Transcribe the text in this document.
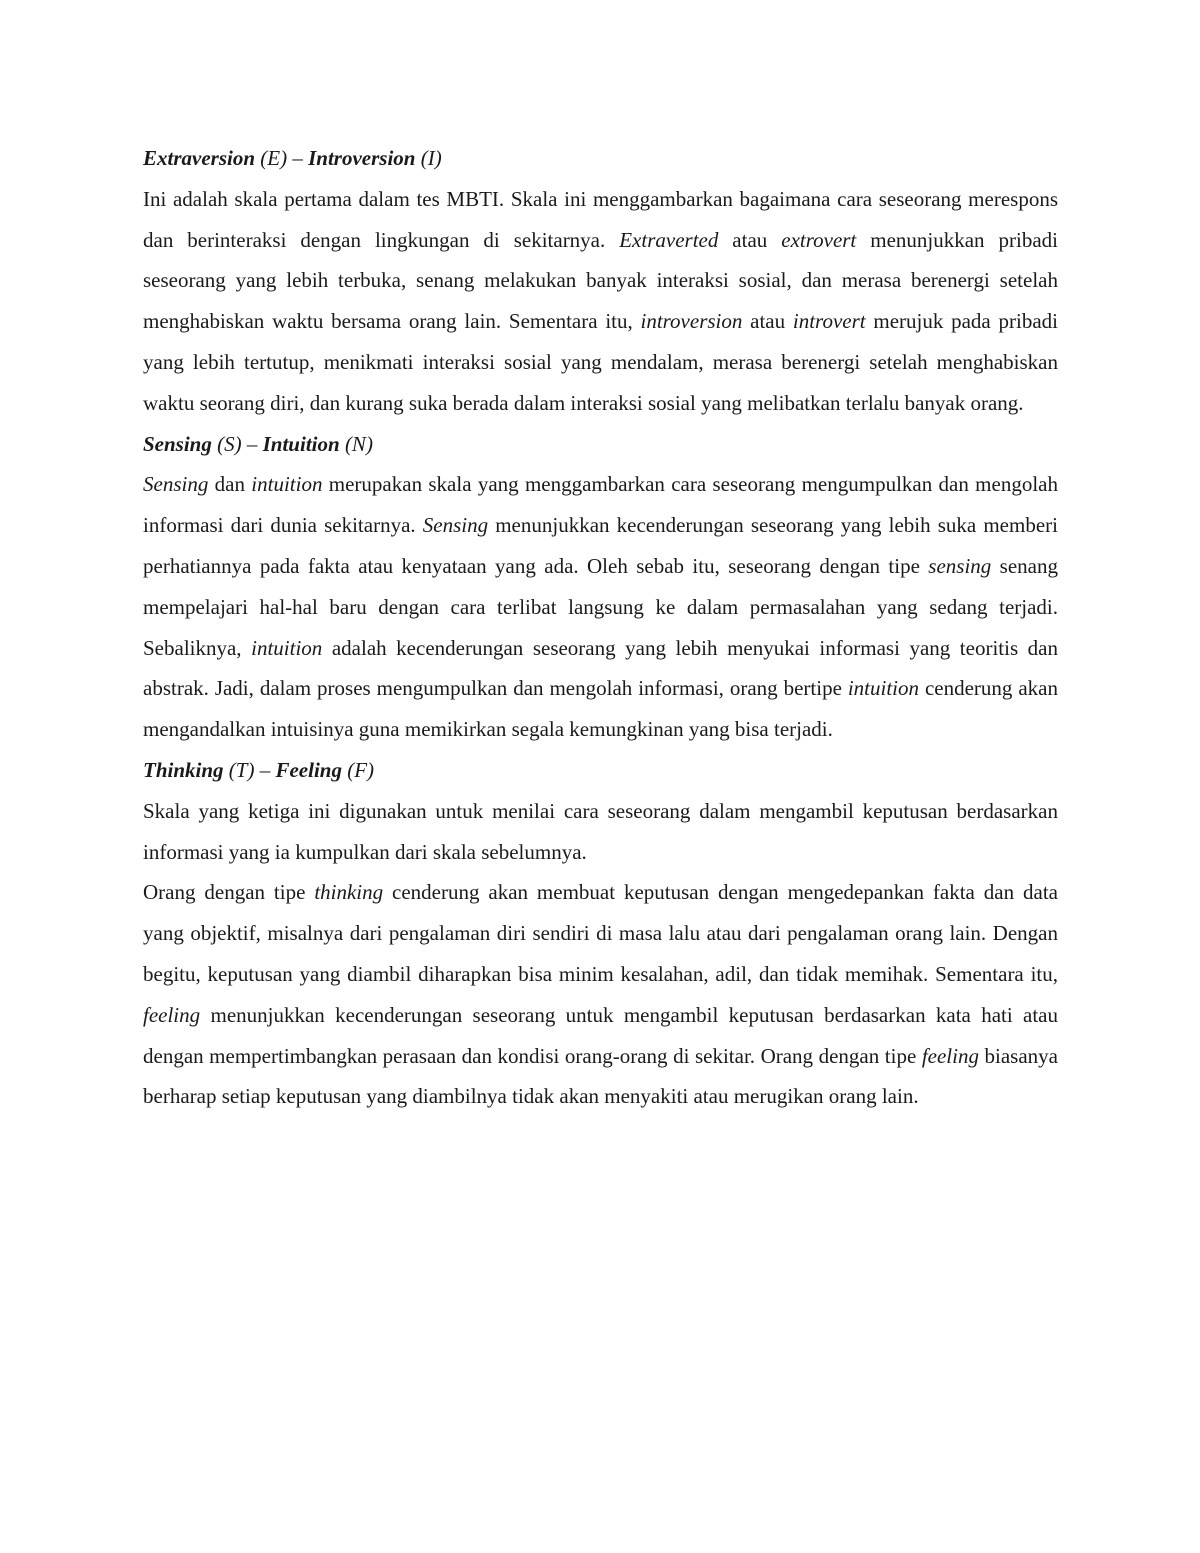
Extraversion (E) – Introversion (I)

Ini adalah skala pertama dalam tes MBTI. Skala ini menggambarkan bagaimana cara seseorang merespons dan berinteraksi dengan lingkungan di sekitarnya. Extraverted atau extrovert menunjukkan pribadi seseorang yang lebih terbuka, senang melakukan banyak interaksi sosial, dan merasa berenergi setelah menghabiskan waktu bersama orang lain. Sementara itu, introversion atau introvert merujuk pada pribadi yang lebih tertutup, menikmati interaksi sosial yang mendalam, merasa berenergi setelah menghabiskan waktu seorang diri, dan kurang suka berada dalam interaksi sosial yang melibatkan terlalu banyak orang.

Sensing (S) – Intuition (N)

Sensing dan intuition merupakan skala yang menggambarkan cara seseorang mengumpulkan dan mengolah informasi dari dunia sekitarnya. Sensing menunjukkan kecenderungan seseorang yang lebih suka memberi perhatiannya pada fakta atau kenyataan yang ada. Oleh sebab itu, seseorang dengan tipe sensing senang mempelajari hal-hal baru dengan cara terlibat langsung ke dalam permasalahan yang sedang terjadi. Sebaliknya, intuition adalah kecenderungan seseorang yang lebih menyukai informasi yang teoritis dan abstrak. Jadi, dalam proses mengumpulkan dan mengolah informasi, orang bertipe intuition cenderung akan mengandalkan intuisinya guna memikirkan segala kemungkinan yang bisa terjadi.

Thinking (T) – Feeling (F)

Skala yang ketiga ini digunakan untuk menilai cara seseorang dalam mengambil keputusan berdasarkan informasi yang ia kumpulkan dari skala sebelumnya.

Orang dengan tipe thinking cenderung akan membuat keputusan dengan mengedepankan fakta dan data yang objektif, misalnya dari pengalaman diri sendiri di masa lalu atau dari pengalaman orang lain. Dengan begitu, keputusan yang diambil diharapkan bisa minim kesalahan, adil, dan tidak memihak. Sementara itu, feeling menunjukkan kecenderungan seseorang untuk mengambil keputusan berdasarkan kata hati atau dengan mempertimbangkan perasaan dan kondisi orang-orang di sekitar. Orang dengan tipe feeling biasanya berharap setiap keputusan yang diambilnya tidak akan menyakiti atau merugikan orang lain.
